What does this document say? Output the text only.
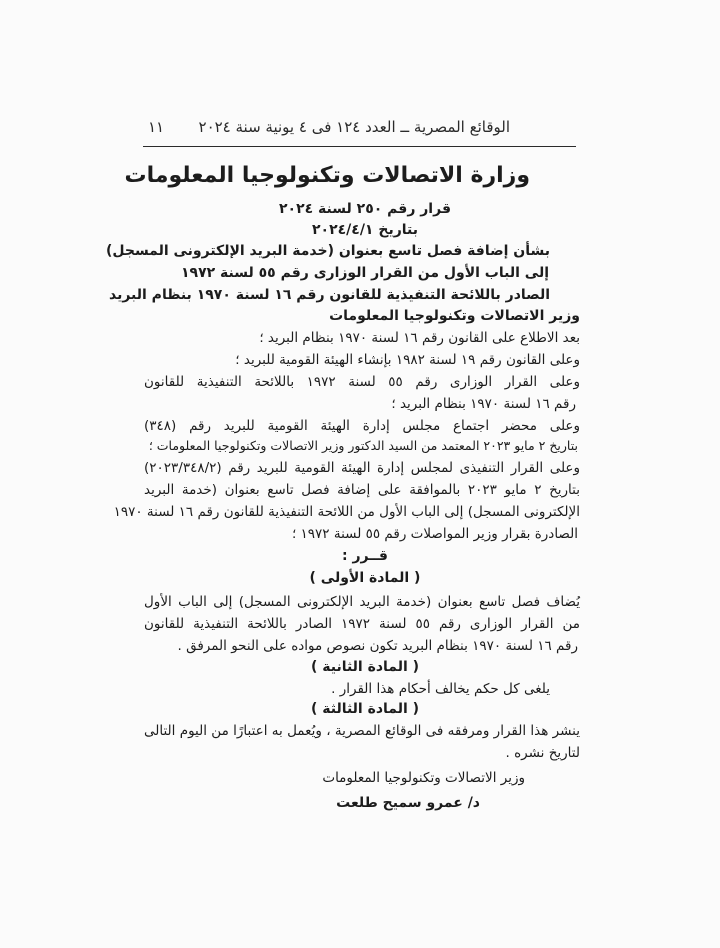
الوقائع المصرية ــ العدد ١٢٤ فى ٤ يونية سنة ٢٠٢٤

١١

وزارة الاتصالات وتكنولوجيا المعلومات

قرار رقم ٢٥٠ لسنة ٢٠٢٤

بتاريخ ٢٠٢٤/٤/١

بشأن إضافة فصل تاسع بعنوان (خدمة البريد الإلكترونى المسجل)

إلى الباب الأول من القرار الوزارى رقم ٥٥ لسنة ١٩٧٢

الصادر باللائحة التنفيذية للقانون رقم ١٦ لسنة ١٩٧٠ بنظام البريد

وزير الاتصالات وتكنولوجيا المعلومات

بعد الاطلاع على القانون رقم ١٦ لسنة ١٩٧٠ بنظام البريد ؛

وعلى القانون رقم ١٩ لسنة ١٩٨٢ بإنشاء الهيئة القومية للبريد ؛

وعلى القرار الوزارى رقم ٥٥ لسنة ١٩٧٢ باللائحة التنفيذية للقانون

رقم ١٦ لسنة ١٩٧٠ بنظام البريد ؛

وعلى محضر اجتماع مجلس إدارة الهيئة القومية للبريد رقم (٣٤٨)

بتاريخ ٢ مايو ٢٠٢٣ المعتمد من السيد الدكتور وزير الاتصالات وتكنولوجيا المعلومات ؛

وعلى القرار التنفيذى لمجلس إدارة الهيئة القومية للبريد رقم (٢٠٢٣/٣٤٨/٢)

بتاريخ ٢ مايو ٢٠٢٣ بالموافقة على إضافة فصل تاسع بعنوان (خدمة البريد

الإلكترونى المسجل) إلى الباب الأول من اللائحة التنفيذية للقانون رقم ١٦ لسنة ١٩٧٠

الصادرة بقرار وزير المواصلات رقم ٥٥ لسنة ١٩٧٢ ؛

قــرر :

( المادة الأولى )

يُضاف فصل تاسع بعنوان (خدمة البريد الإلكترونى المسجل) إلى الباب الأول

من القرار الوزارى رقم ٥٥ لسنة ١٩٧٢ الصادر باللائحة التنفيذية للقانون

رقم ١٦ لسنة ١٩٧٠ بنظام البريد تكون نصوص مواده على النحو المرفق .

( المادة الثانية )

يلغى كل حكم يخالف أحكام هذا القرار .

( المادة الثالثة )

ينشر هذا القرار ومرفقه فى الوقائع المصرية ، ويُعمل به اعتبارًا من اليوم التالى

لتاريخ نشره .

وزير الاتصالات وتكنولوجيا المعلومات

د/ عمرو سميح طلعت
